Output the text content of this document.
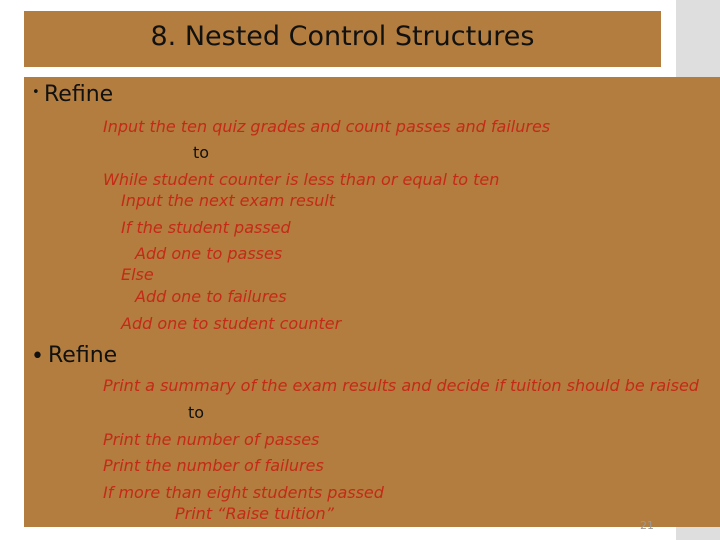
8. Nested Control Structures
• Refine
Input the ten quiz grades and count passes and failures
to
While student counter is less than or equal to ten
Input the next exam result
If the student passed
Add one to passes
Else
Add one to failures
Add one to student counter
• Refine
Print a summary of the exam results and decide if tuition should be raised
to
Print the number of passes
Print the number of failures
If more than eight students passed
Print “Raise tuition”
21
